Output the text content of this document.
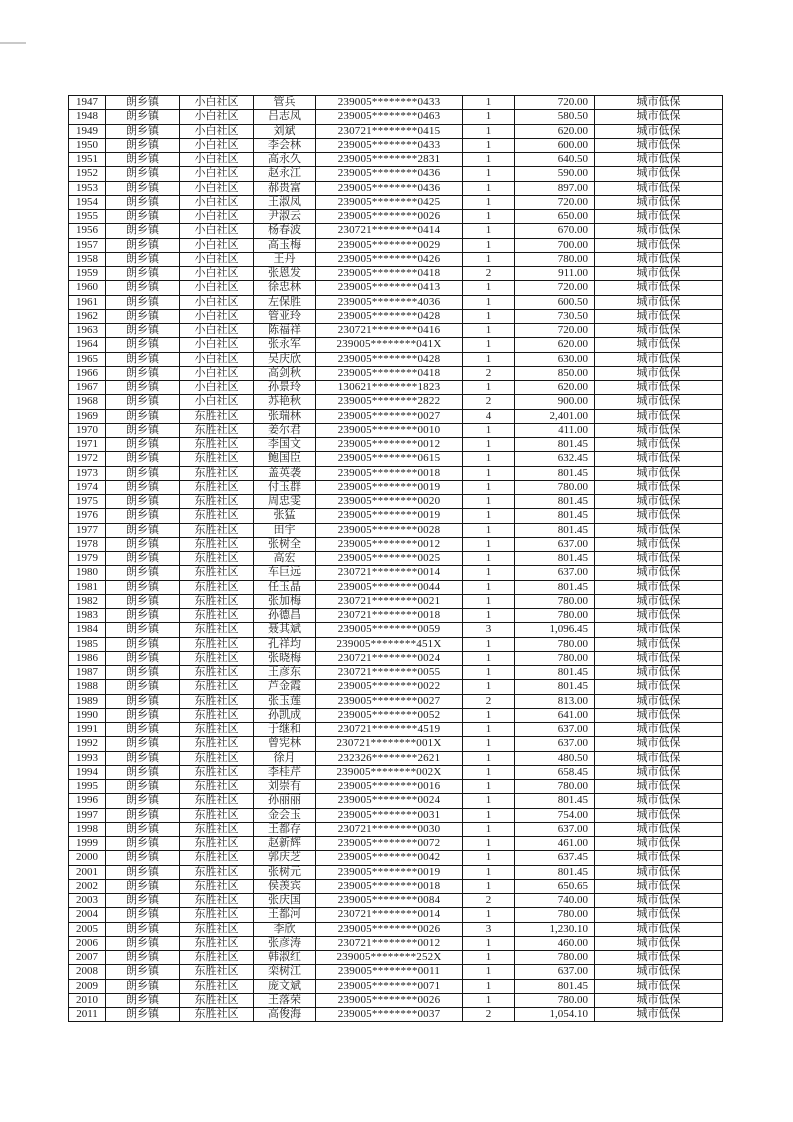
1947	朗乡镇	小白社区	管兵	239005********0433	1	720.00	城市低保
1948	朗乡镇	小白社区	吕志凤	239005********0463	1	580.50	城市低保
1949	朗乡镇	小白社区	刘斌	230721********0415	1	620.00	城市低保
1950	朗乡镇	小白社区	李会林	239005********0433	1	600.00	城市低保
1951	朗乡镇	小白社区	高永久	239005********2831	1	640.50	城市低保
1952	朗乡镇	小白社区	赵永江	239005********0436	1	590.00	城市低保
1953	朗乡镇	小白社区	郝贵富	239005********0436	1	897.00	城市低保
1954	朗乡镇	小白社区	王淑凤	239005********0425	1	720.00	城市低保
1955	朗乡镇	小白社区	尹淑云	239005********0026	1	650.00	城市低保
1956	朗乡镇	小白社区	杨春波	230721********0414	1	670.00	城市低保
1957	朗乡镇	小白社区	高玉梅	239005********0029	1	700.00	城市低保
1958	朗乡镇	小白社区	王丹	239005********0426	1	780.00	城市低保
1959	朗乡镇	小白社区	张恩发	239005********0418	2	911.00	城市低保
1960	朗乡镇	小白社区	徐忠林	239005********0413	1	720.00	城市低保
1961	朗乡镇	小白社区	左保胜	239005********4036	1	600.50	城市低保
1962	朗乡镇	小白社区	管亚玲	239005********0428	1	730.50	城市低保
1963	朗乡镇	小白社区	陈福祥	230721********0416	1	720.00	城市低保
1964	朗乡镇	小白社区	张永军	239005********041X	1	620.00	城市低保
1965	朗乡镇	小白社区	吴庆欣	239005********0428	1	630.00	城市低保
1966	朗乡镇	小白社区	高剑秋	239005********0418	2	850.00	城市低保
1967	朗乡镇	小白社区	孙景玲	130621********1823	1	620.00	城市低保
1968	朗乡镇	小白社区	苏艳秋	239005********2822	2	900.00	城市低保
1969	朗乡镇	东胜社区	张瑞林	239005********0027	4	2,401.00	城市低保
1970	朗乡镇	东胜社区	姜尔君	239005********0010	1	411.00	城市低保
1971	朗乡镇	东胜社区	李国文	239005********0012	1	801.45	城市低保
1972	朗乡镇	东胜社区	鲍国臣	239005********0615	1	632.45	城市低保
1973	朗乡镇	东胜社区	盖英袭	239005********0018	1	801.45	城市低保
1974	朗乡镇	东胜社区	付玉群	239005********0019	1	780.00	城市低保
1975	朗乡镇	东胜社区	周忠雯	239005********0020	1	801.45	城市低保
1976	朗乡镇	东胜社区	张猛	239005********0019	1	801.45	城市低保
1977	朗乡镇	东胜社区	田宇	239005********0028	1	801.45	城市低保
1978	朗乡镇	东胜社区	张树全	239005********0012	1	637.00	城市低保
1979	朗乡镇	东胜社区	高宏	239005********0025	1	801.45	城市低保
1980	朗乡镇	东胜社区	车巨远	230721********0014	1	637.00	城市低保
1981	朗乡镇	东胜社区	任玉晶	239005********0044	1	801.45	城市低保
1982	朗乡镇	东胜社区	张加梅	230721********0021	1	780.00	城市低保
1983	朗乡镇	东胜社区	孙德昌	230721********0018	1	780.00	城市低保
1984	朗乡镇	东胜社区	聂其斌	239005********0059	3	1,096.45	城市低保
1985	朗乡镇	东胜社区	孔祥均	239005********451X	1	780.00	城市低保
1986	朗乡镇	东胜社区	张晓梅	230721********0024	1	780.00	城市低保
1987	朗乡镇	东胜社区	王彦东	230721********0055	1	801.45	城市低保
1988	朗乡镇	东胜社区	芦金霞	239005********0022	1	801.45	城市低保
1989	朗乡镇	东胜社区	张玉莲	239005********0027	2	813.00	城市低保
1990	朗乡镇	东胜社区	孙凯成	239005********0052	1	641.00	城市低保
1991	朗乡镇	东胜社区	于继和	230721********4519	1	637.00	城市低保
1992	朗乡镇	东胜社区	曾宪林	230721********001X	1	637.00	城市低保
1993	朗乡镇	东胜社区	徐月	232326********2621	1	480.50	城市低保
1994	朗乡镇	东胜社区	李桂芹	239005********002X	1	658.45	城市低保
1995	朗乡镇	东胜社区	刘崇有	239005********0016	1	780.00	城市低保
1996	朗乡镇	东胜社区	孙丽丽	239005********0024	1	801.45	城市低保
1997	朗乡镇	东胜社区	金会玉	239005********0031	1	754.00	城市低保
1998	朗乡镇	东胜社区	王都存	230721********0030	1	637.00	城市低保
1999	朗乡镇	东胜社区	赵新辉	239005********0072	1	461.00	城市低保
2000	朗乡镇	东胜社区	郭庆芝	239005********0042	1	637.45	城市低保
2001	朗乡镇	东胜社区	张树元	239005********0019	1	801.45	城市低保
2002	朗乡镇	东胜社区	侯羡宾	239005********0018	1	650.65	城市低保
2003	朗乡镇	东胜社区	张庆国	239005********0084	2	740.00	城市低保
2004	朗乡镇	东胜社区	王都河	230721********0014	1	780.00	城市低保
2005	朗乡镇	东胜社区	李欣	239005********0026	3	1,230.10	城市低保
2006	朗乡镇	东胜社区	张彦涛	230721********0012	1	460.00	城市低保
2007	朗乡镇	东胜社区	韩淑红	239005********252X	1	780.00	城市低保
2008	朗乡镇	东胜社区	栾树江	239005********0011	1	637.00	城市低保
2009	朗乡镇	东胜社区	庞文斌	239005********0071	1	801.45	城市低保
2010	朗乡镇	东胜社区	王落荣	239005********0026	1	780.00	城市低保
2011	朗乡镇	东胜社区	高俊海	239005********0037	2	1,054.10	城市低保
